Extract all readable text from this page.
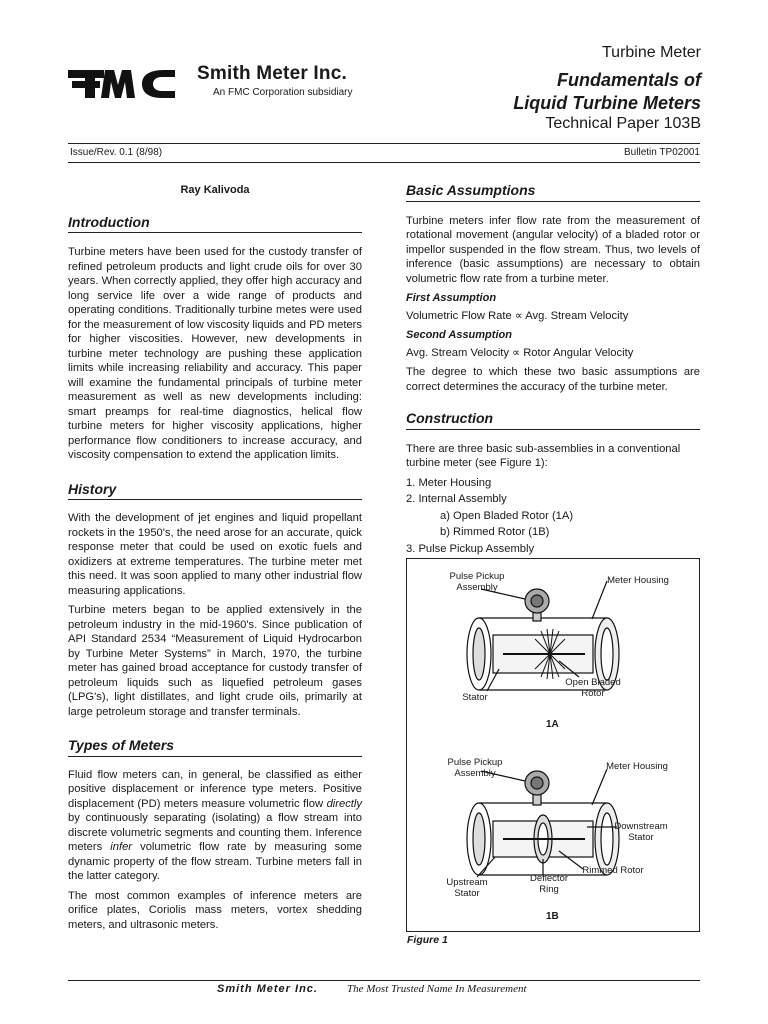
Smith Meter Inc.
An FMC Corporation subsidiary
Turbine Meter
Fundamentals of
Liquid Turbine Meters
Technical Paper 103B
Issue/Rev. 0.1 (8/98)	Bulletin TP02001
Ray Kalivoda
Introduction

Turbine meters have been used for the custody transfer of refined petroleum products and light crude oils for over 30 years. When correctly applied, they offer high accuracy and long service life over a wide range of products and operating conditions. Traditionally turbine metes were used for the measurement of low viscosity liquids and PD meters for higher viscosities. However, new developments in turbine meter technology are pushing these application limits while increasing reliability and accuracy. This paper will examine the fundamental principals of turbine meter measurement as well as new developments including: smart preamps for real-time diagnostics, helical flow turbine meters for higher viscosity applications, higher performance flow conditioners to increase accuracy, and viscosity compensation to extend the application limits.

History

With the development of jet engines and liquid propellant rockets in the 1950's, the need arose for an accurate, quick response meter that could be used on exotic fuels and oxidizers at extreme temperatures. The turbine meter met this need. It was soon applied to many other industrial flow measuring applications.

Turbine meters began to be applied extensively in the petroleum industry in the mid-1960's. Since publication of API Standard 2534 “Measurement of Liquid Hydrocarbon by Turbine Meter Systems” in March, 1970, the turbine meter has gained broad acceptance for custody transfer of petroleum liquids such as liquefied petroleum gases (LPG's), light distillates, and light crude oils, primarily at large petroleum storage and transfer terminals.

Types of Meters

Fluid flow meters can, in general, be classified as either positive displacement or inference type meters. Positive displacement (PD) meters measure volumetric flow directly by continuously separating (isolating) a flow stream into discrete volumetric segments and counting them. Inference meters infer volumetric flow rate by measuring some dynamic property of the flow stream. Turbine meters fall in the latter category.

The most common examples of inference meters are orifice plates, Coriolis mass meters, vortex shedding meters, and ultrasonic meters.

Basic Assumptions

Turbine meters infer flow rate from the measurement of rotational movement (angular velocity) of a bladed rotor or impellor suspended in the flow stream. Thus, two levels of inference (basic assumptions) are necessary to obtain volumetric flow rate from a turbine meter.

First Assumption

Volumetric Flow Rate ∝ Avg. Stream Velocity

Second Assumption

Avg. Stream Velocity ∝ Rotor Angular Velocity

The degree to which these two basic assumptions are correct determines the accuracy of the turbine meter.

Construction

There are three basic sub-assemblies in a conventional turbine meter (see Figure 1):

1. Meter Housing
2. Internal Assembly
a) Open Bladed Rotor (1A)
b) Rimmed Rotor (1B)
3. Pulse Pickup Assembly
Pulse Pickup Assembly
Meter Housing
Open Bladed Rotor
Stator
1A
Pulse Pickup Assembly
Meter Housing
Downstream Stator
Rimmed Rotor
Deflector Ring
Upstream Stator
1B
Figure 1
Smith Meter Inc.	The Most Trusted Name In Measurement
